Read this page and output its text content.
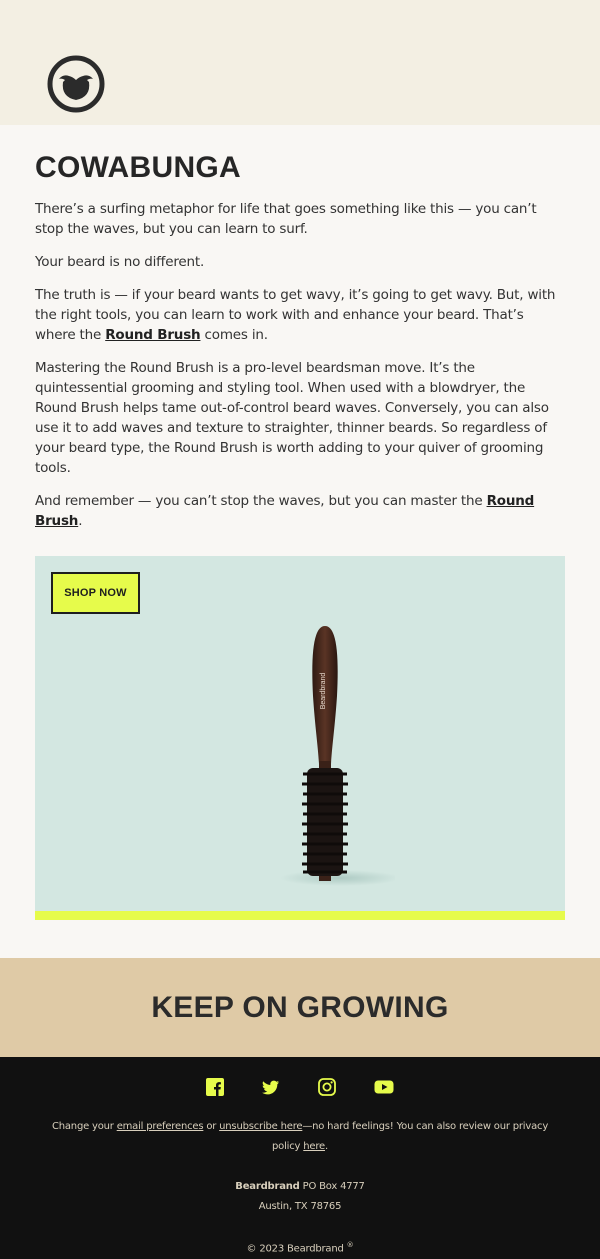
COWABUNGA

There’s a surfing metaphor for life that goes something like this — you can’t stop the waves, but you can learn to surf.

Your beard is no different.

The truth is — if your beard wants to get wavy, it’s going to get wavy. But, with the right tools, you can learn to work with and enhance your beard. That’s where the Round Brush comes in.

Mastering the Round Brush is a pro-level beardsman move. It’s the quintessential grooming and styling tool. When used with a blowdryer, the Round Brush helps tame out-of-control beard waves. Conversely, you can also use it to add waves and texture to straighter, thinner beards. So regardless of your beard type, the Round Brush is worth adding to your quiver of grooming tools.

And remember — you can’t stop the waves, but you can master the Round Brush.

SHOP NOW
Beardbrand
KEEP ON GROWING
Change your email preferences or unsubscribe here—no hard feelings! You can also review our privacy policy here.
Beardbrand PO Box 4777
Austin, TX 78765
© 2023 Beardbrand ®
